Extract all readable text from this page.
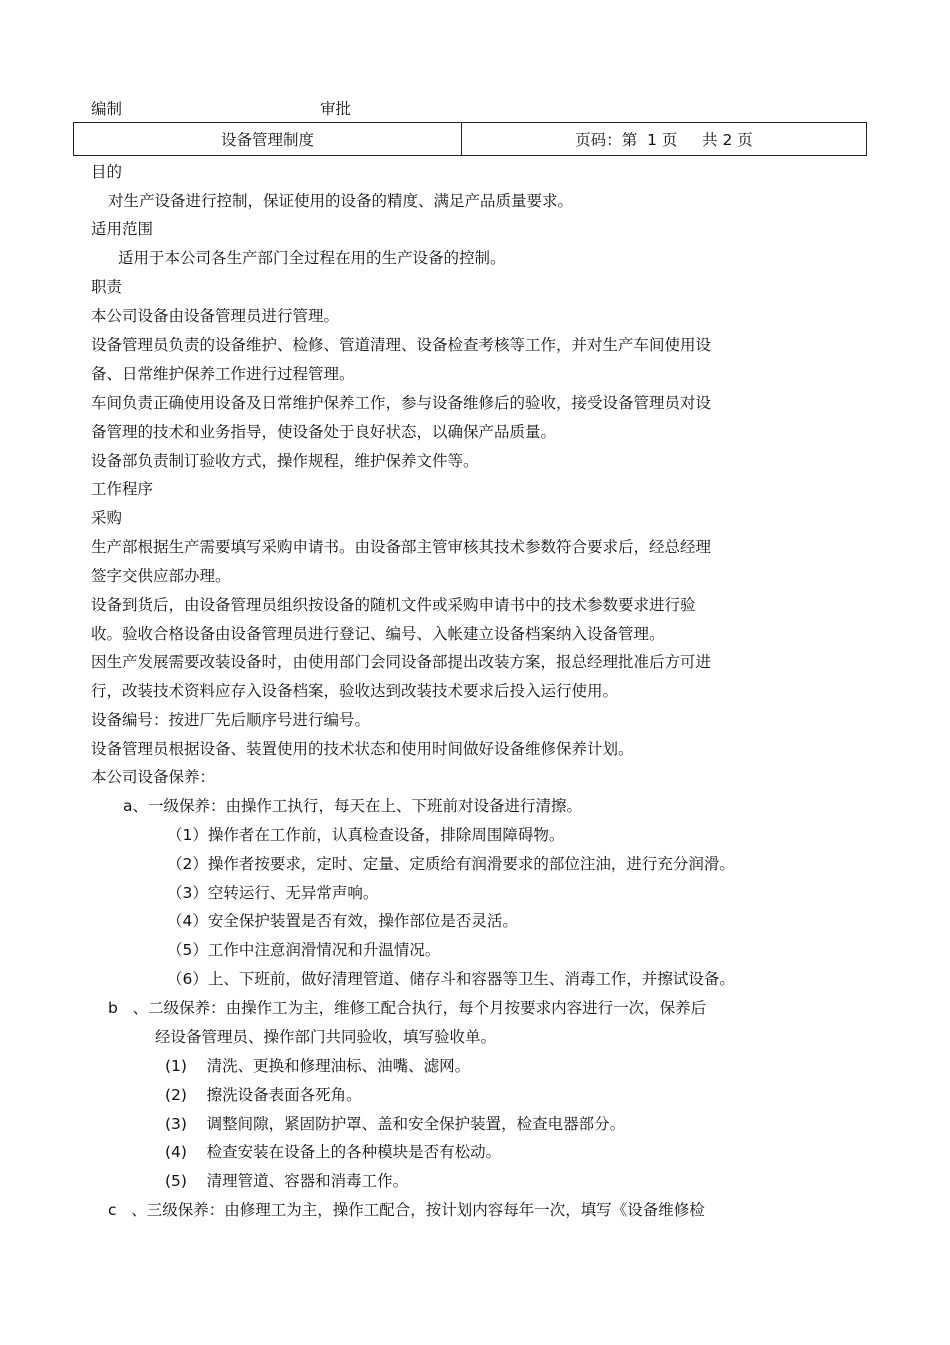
编制	审批
设备管理制度	页码：第  1 页     共 2 页
目的
对生产设备进行控制，保证使用的设备的精度、满足产品质量要求。
适用范围
适用于本公司各生产部门全过程在用的生产设备的控制。
职责
本公司设备由设备管理员进行管理。
设备管理员负责的设备维护、检修、管道清理、设备检查考核等工作，并对生产车间使用设
备、日常维护保养工作进行过程管理。
车间负责正确使用设备及日常维护保养工作，参与设备维修后的验收，接受设备管理员对设
备管理的技术和业务指导，使设备处于良好状态，以确保产品质量。
设备部负责制订验收方式，操作规程，维护保养文件等。
工作程序
采购
生产部根据生产需要填写采购申请书。由设备部主管审核其技术参数符合要求后，经总经理
签字交供应部办理。
设备到货后，由设备管理员组织按设备的随机文件或采购申请书中的技术参数要求进行验
收。验收合格设备由设备管理员进行登记、编号、入帐建立设备档案纳入设备管理。
因生产发展需要改装设备时，由使用部门会同设备部提出改装方案，报总经理批准后方可进
行，改装技术资料应存入设备档案，验收达到改装技术要求后投入运行使用。
设备编号：按进厂先后顺序号进行编号。
设备管理员根据设备、装置使用的技术状态和使用时间做好设备维修保养计划。
本公司设备保养：
a、一级保养：由操作工执行，每天在上、下班前对设备进行清擦。
（1）操作者在工作前，认真检查设备，排除周围障碍物。
（2）操作者按要求，定时、定量、定质给有润滑要求的部位注油，进行充分润滑。
（3）空转运行、无异常声响。
（4）安全保护装置是否有效，操作部位是否灵活。
（5）工作中注意润滑情况和升温情况。
（6）上、下班前，做好清理管道、储存斗和容器等卫生、消毒工作，并擦试设备。
b   、二级保养：由操作工为主，维修工配合执行，每个月按要求内容进行一次，保养后
经设备管理员、操作部门共同验收，填写验收单。
(1)    清洗、更换和修理油标、油嘴、滤网。
(2)    擦洗设备表面各死角。
(3)    调整间隙，紧固防护罩、盖和安全保护装置，检查电器部分。
(4)    检查安装在设备上的各种模块是否有松动。
(5)    清理管道、容器和消毒工作。
c   、三级保养：由修理工为主，操作工配合，按计划内容每年一次，填写《设备维修检
